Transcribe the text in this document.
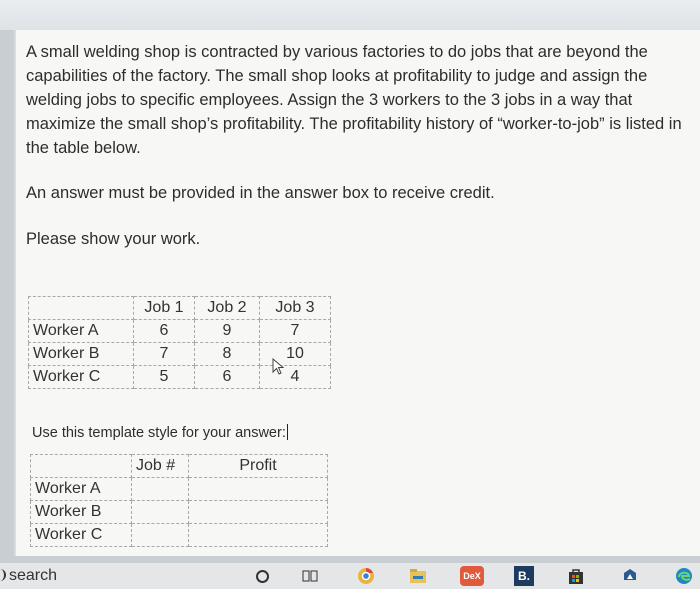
A small welding shop is contracted by various factories to do jobs that are beyond the capabilities of the factory. The small shop looks at profitability to judge and assign the welding jobs to specific employees. Assign the 3 workers to the 3 jobs in a way that maximize the small shop’s profitability. The profitability history of “worker-to-job” is listed in the table below.

An answer must be provided in the answer box to receive credit.
Please show your work.
	Job 1	Job 2	Job 3
Worker A	6	9	7
Worker B	7	8	10
Worker C	5	6	4
Use this template style for your answer:
	Job #	Profit
Worker A		
Worker B		
Worker C		
search	DeX	B.
